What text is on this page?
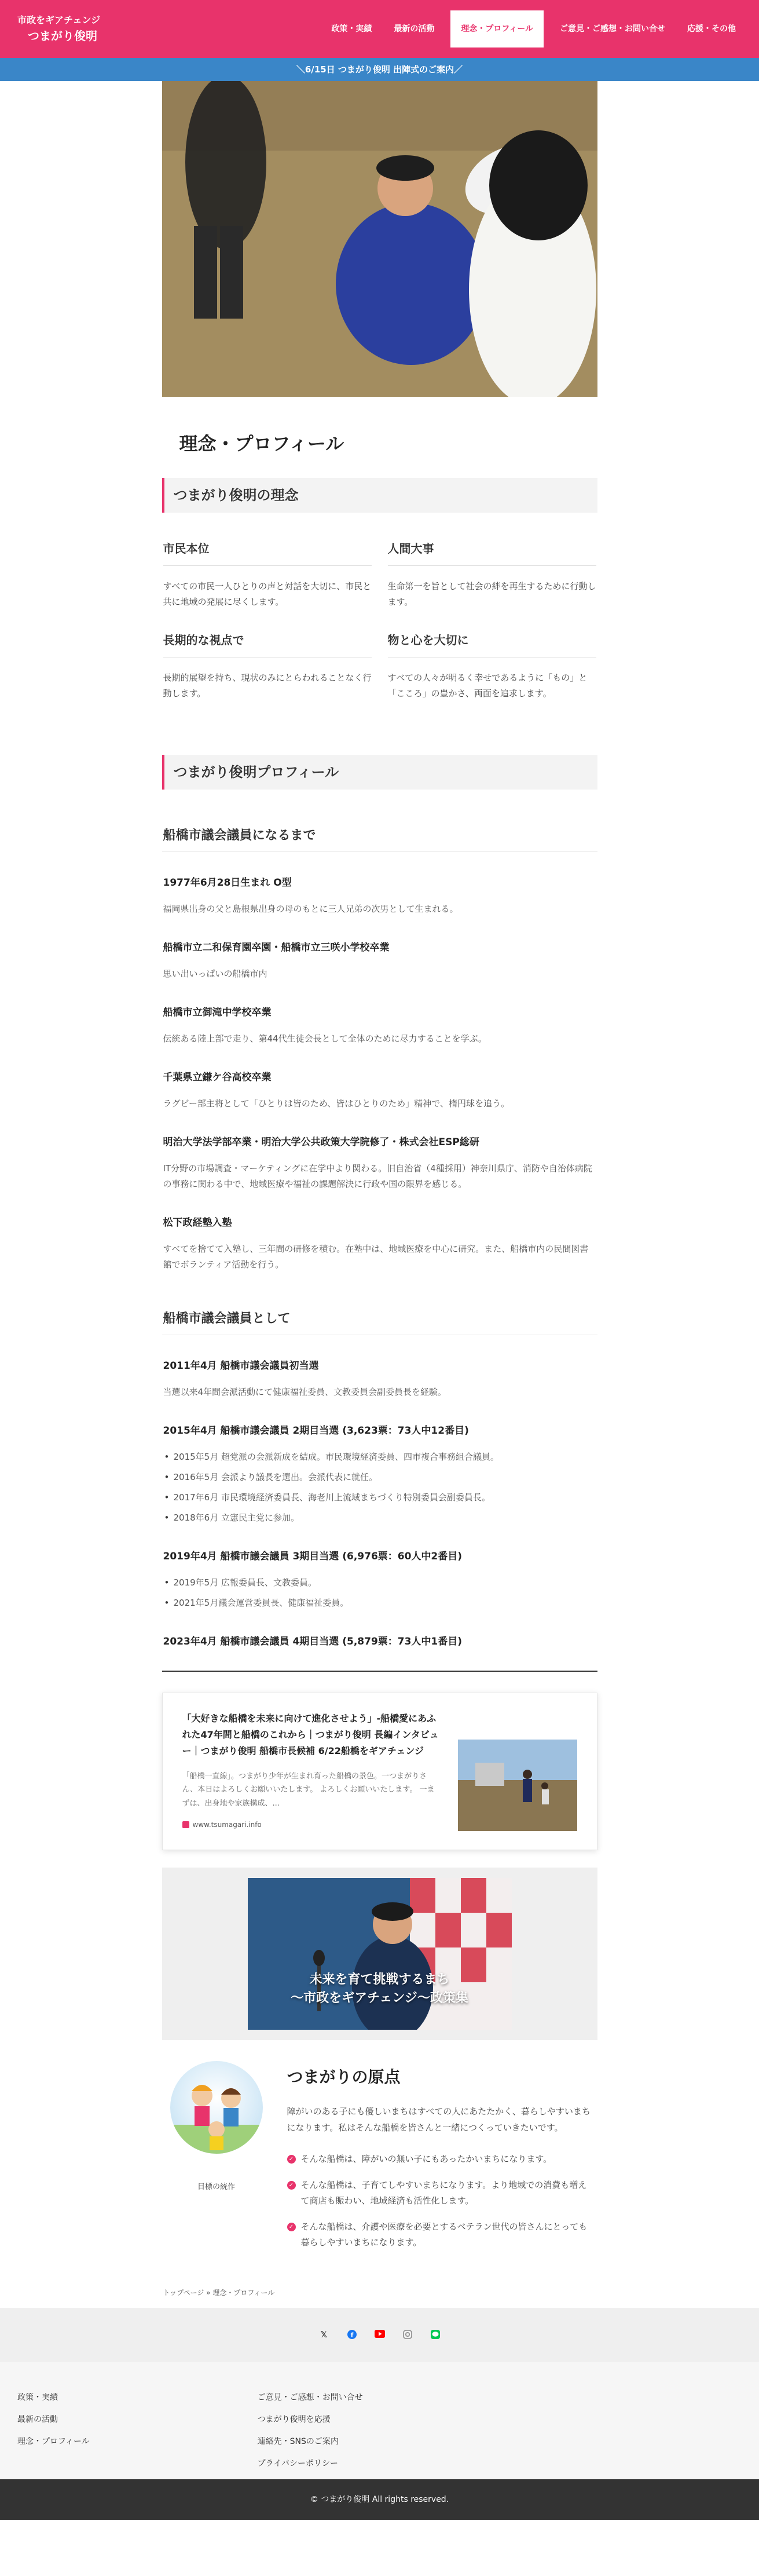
市政をギアチェンジ
つまがり俊明	政策・実績	最新の活動	理念・プロフィール	ご意見・ご感想・お問い合せ	応援・その他
＼6/15日 つまがり俊明 出陣式のご案内／
理念・プロフィール
つまがり俊明の理念
市民本位

すべての市民一人ひとりの声と対話を大切に、市民と共に地域の発展に尽くします。

人間大事

生命第一を旨として社会の絆を再生するために行動します。

長期的な視点で

長期的展望を持ち、現状のみにとらわれることなく行動します。

物と心を大切に

すべての人々が明るく幸せであるように「もの」と「こころ」の豊かさ、両面を追求します。

つまがり俊明プロフィール
船橋市議会議員になるまで
1977年6月28日生まれ O型

福岡県出身の父と島根県出身の母のもとに三人兄弟の次男として生まれる。

船橋市立二和保育園卒園・船橋市立三咲小学校卒業

思い出いっぱいの船橋市内

船橋市立御滝中学校卒業

伝統ある陸上部で走り、第44代生徒会長として全体のために尽力することを学ぶ。

千葉県立鎌ケ谷高校卒業

ラグビー部主将として「ひとりは皆のため、皆はひとりのため」精神で、楕円球を追う。

明治大学法学部卒業・明治大学公共政策大学院修了・株式会社ESP総研

IT分野の市場調査・マーケティングに在学中より関わる。旧自治省（4種採用）神奈川県庁、消防や自治体病院の事務に関わる中で、地域医療や福祉の課題解決に行政や国の限界を感じる。

松下政経塾入塾

すべてを捨てて入塾し、三年間の研修を積む。在塾中は、地域医療を中心に研究。また、船橋市内の民間図書館でボランティア活動を行う。

船橋市議会議員として
2011年4月 船橋市議会議員初当選

当選以来4年間会派活動にて健康福祉委員、文教委員会副委員長を経験。

2015年4月 船橋市議会議員 2期目当選 (3,623票：73人中12番目)
• 2015年5月 超党派の会派新成を結成。市民環境経済委員、四市複合事務組合議員。
• 2016年5月 会派より議長を選出。会派代表に就任。
• 2017年6月 市民環境経済委員長、海老川上流域まちづくり特別委員会副委員長。
• 2018年6月 立憲民主党に参加。
2019年4月 船橋市議会議員 3期目当選 (6,976票：60人中2番目)
• 2019年5月 広報委員長、文教委員。
• 2021年5月議会運営委員長、健康福祉委員。
2023年4月 船橋市議会議員 4期目当選 (5,879票：73人中1番目)
「大好きな船橋を未来に向けて進化させよう」-船橋愛にあふれた47年間と船橋のこれから｜つまがり俊明 長編インタビュー｜つまがり俊明 船橋市長候補 6/22船橋をギアチェンジ
「船橋一直線」。つまがり少年が生まれ育った船橋の景色。一つまがりさん、本日はよろしくお願いいたします。 よろしくお願いいたします。 一まずは、出身地や家族構成、...
www.tsumagari.info
未来を育て挑戦するまち
〜市政をギアチェンジ〜政策集
目標の統作
つまがりの原点

障がいのある子にも優しいまちはすべての人にあたたかく、暮らしやすいまちになります。私はそんな船橋を皆さんと一緒につくっていきたいです。

✓ そんな船橋は、障がいの無い子にもあったかいまちになります。
✓ そんな船橋は、子育てしやすいまちになります。より地域での消費も増えて商店も賑わい、地域経済も活性化します。
✓ そんな船橋は、介護や医療を必要とするベテラン世代の皆さんにとっても暮らしやすいまちになります。
トップページ » 理念・プロフィール
𝕏	f
政策・実績
最新の活動
理念・プロフィール
ご意見・ご感想・お問い合せ
つまがり俊明を応援
連絡先・SNSのご案内
プライバシーポリシー
© つまがり俊明 All rights reserved.
